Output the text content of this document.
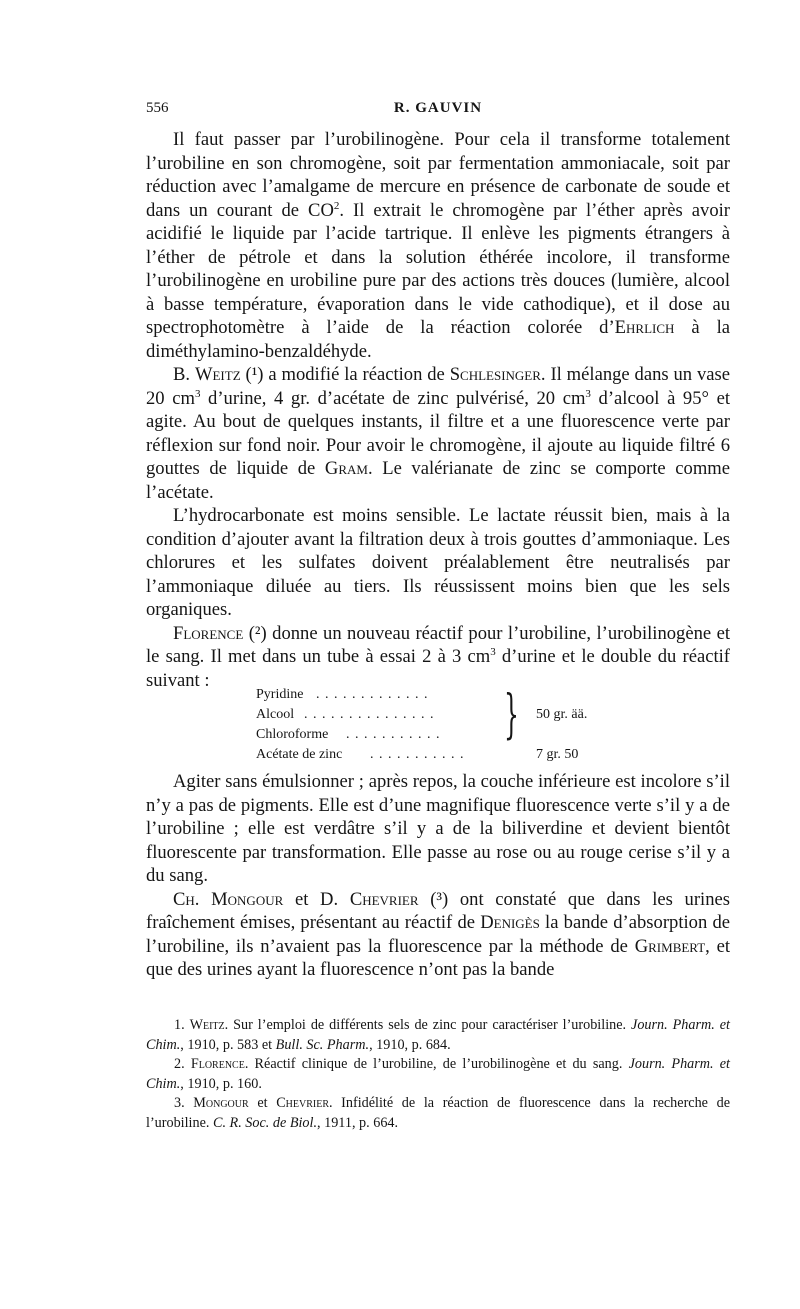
556	R. GAUVIN

Il faut passer par l’urobilinogène. Pour cela il transforme totalement l’urobiline en son chromogène, soit par fermentation ammoniacale, soit par réduction avec l’amalgame de mercure en présence de carbonate de soude et dans un courant de $CO^2$. Il extrait le chromogène par l’éther après avoir acidifié le liquide par l’acide tartrique. Il enlève les pigments étrangers à l’éther de pétrole et dans la solution éthérée incolore, il transforme l’urobilinogène en urobiline pure par des actions très douces (lumière, alcool à basse température, évaporation dans le vide cathodique), et il dose au spectrophotomètre à l’aide de la réaction colorée d’Ehrlich à la diméthylamino-benzaldéhyde.

B. Weitz (¹) a modifié la réaction de Schlesinger. Il mélange dans un vase 20 $cm^3$ d’urine, 4 gr. d’acétate de zinc pulvérisé, 20 $cm^3$ d’alcool à 95° et agite. Au bout de quelques instants, il filtre et a une fluorescence verte par réflexion sur fond noir. Pour avoir le chromogène, il ajoute au liquide filtré 6 gouttes de liquide de Gram. Le valérianate de zinc se comporte comme l’acétate.

L’hydrocarbonate est moins sensible. Le lactate réussit bien, mais à la condition d’ajouter avant la filtration deux à trois gouttes d’ammoniaque. Les chlorures et les sulfates doivent préalablement être neutralisés par l’ammoniaque diluée au tiers. Ils réussissent moins bien que les sels organiques.

Florence (²) donne un nouveau réactif pour l’urobiline, l’urobilinogène et le sang. Il met dans un tube à essai 2 à 3 $cm^3$ d’urine et le double du réactif suivant :

Pyridine . . . . . . . . . . . . .
Alcool . . . . . . . . . . . . . . .	50 gr. ää.
Chloroforme . . . . . . . . . . .
Acétate de zinc . . . . . . . . . . .	7 gr. 50
}

Agiter sans émulsionner ; après repos, la couche inférieure est incolore s’il n’y a pas de pigments. Elle est d’une magnifique fluorescence verte s’il y a de l’urobiline ; elle est verdâtre s’il y a de la biliverdine et devient bientôt fluorescente par transformation. Elle passe au rose ou au rouge cerise s’il y a du sang.

Ch. Mongour et D. Chevrier (³) ont constaté que dans les urines fraîchement émises, présentant au réactif de Denigès la bande d’absorption de l’urobiline, ils n’avaient pas la fluorescence par la méthode de Grimbert, et que des urines ayant la fluorescence n’ont pas la bande

1. Weitz. Sur l’emploi de différents sels de zinc pour caractériser l’urobiline. Journ. Pharm. et Chim., 1910, p. 583 et Bull. Sc. Pharm., 1910, p. 684.

2. Florence. Réactif clinique de l’urobiline, de l’urobilinogène et du sang. Journ. Pharm. et Chim., 1910, p. 160.

3. Mongour et Chevrier. Infidélité de la réaction de fluorescence dans la recherche de l’urobiline. C. R. Soc. de Biol., 1911, p. 664.
